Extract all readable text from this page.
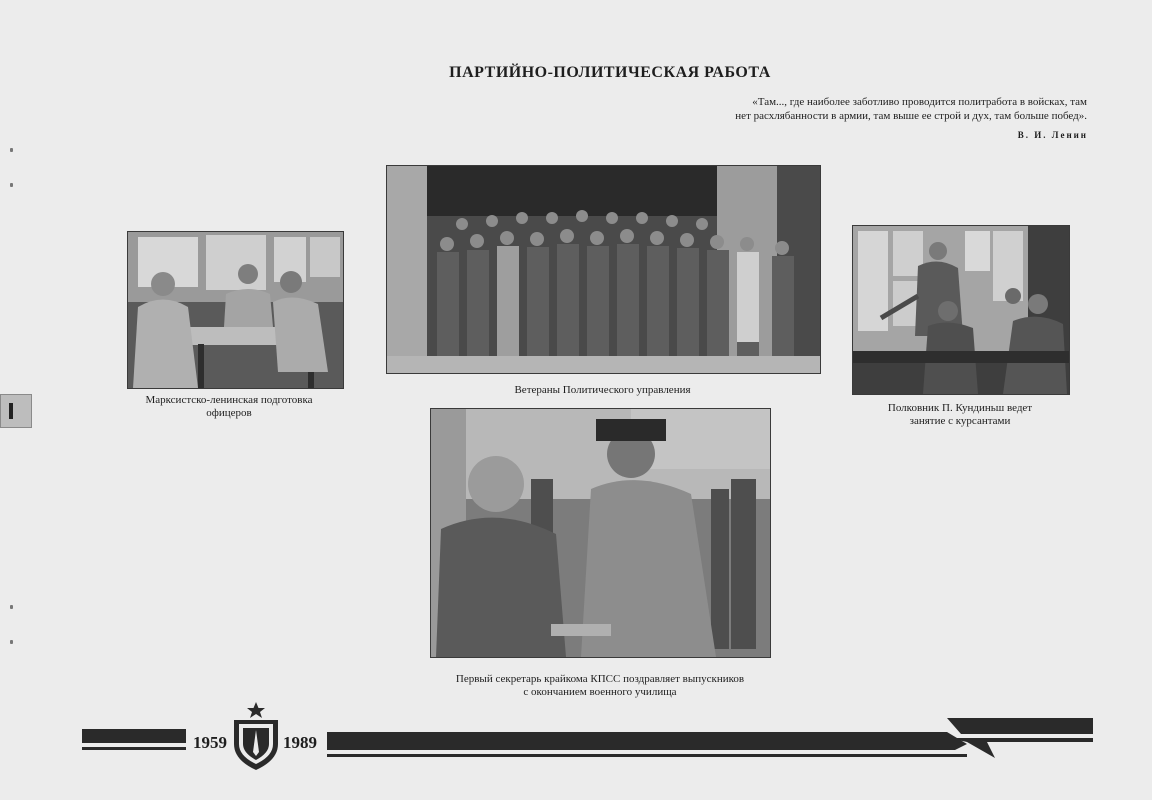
ПАРТИЙНО-ПОЛИТИЧЕСКАЯ РАБОТА
«Там..., где наиболее заботливо проводится политработа в войсках, там
нет расхлябанности в армии, там выше ее строй и дух, там больше побед».
В. И. Ленин
Марксистско-ленинская подготовка
офицеров
Ветераны Политического управления
Полковник П. Кундиньш ведет
занятие с курсантами
Первый секретарь крайкома КПСС поздравляет выпускников
с окончанием военного училища
1959	1989
